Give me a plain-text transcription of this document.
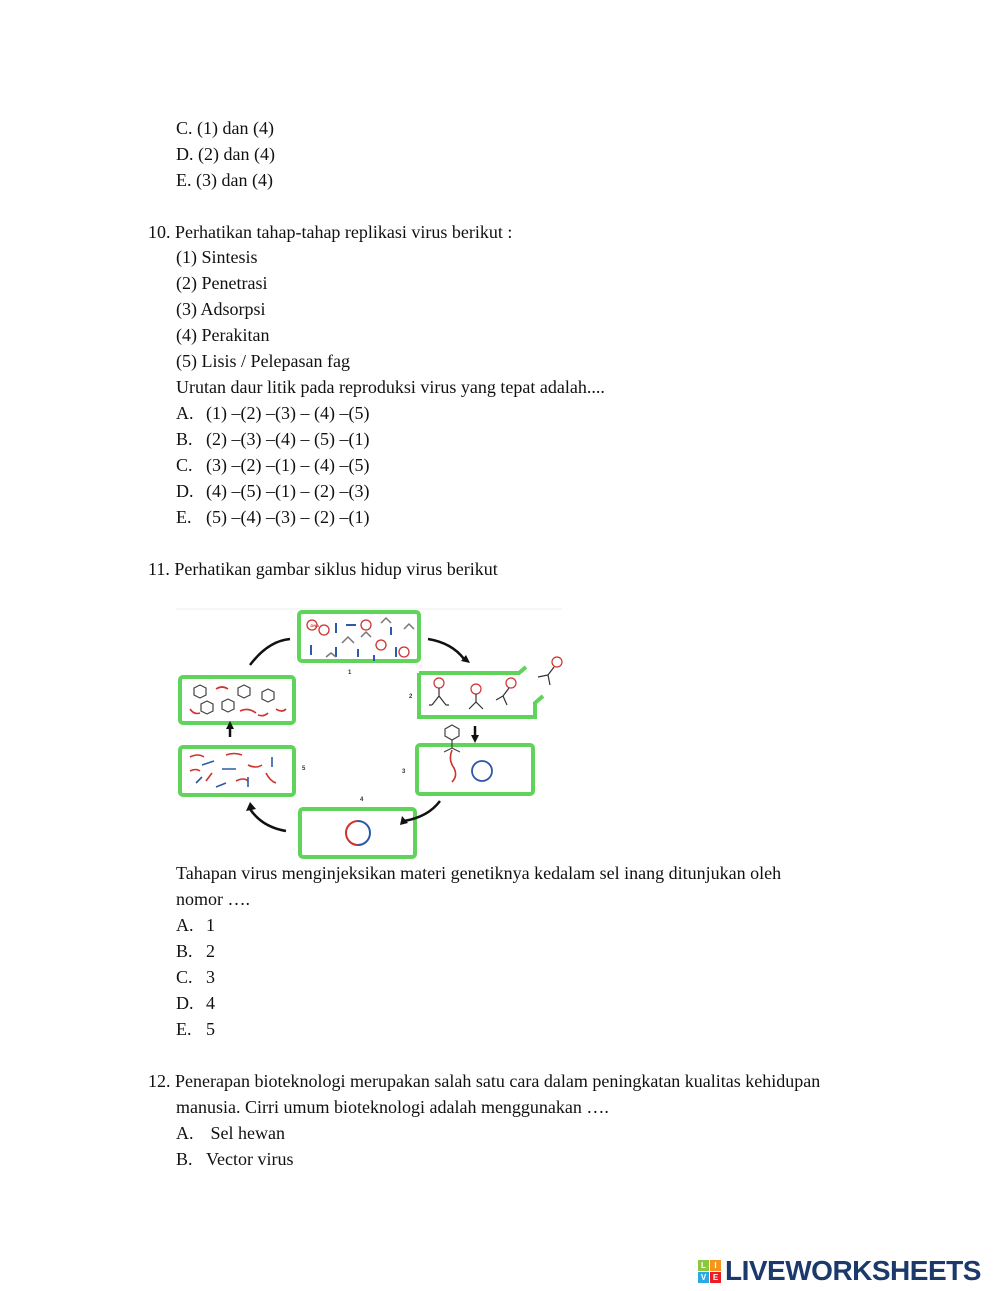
C. (1) dan (4)
D. (2) dan (4)
E. (3) dan (4)
10. Perhatikan tahap-tahap replikasi virus berikut :
(1) Sintesis
(2) Penetrasi
(3) Adsorpsi
(4) Perakitan
(5) Lisis / Pelepasan fag
Urutan daur litik pada reproduksi virus yang tepat adalah....
A. (1) –(2) –(3) – (4) –(5)
B. (2) –(3) –(4) – (5) –(1)
C. (3) –(2) –(1) – (4) –(5)
D. (4) –(5) –(1) – (2) –(3)
E. (5) –(4) –(3) – (2) –(1)
11. Perhatikan gambar siklus hidup virus berikut
1
2
3
4
5
DNA
Tahapan virus menginjeksikan materi genetiknya kedalam sel inang ditunjukan oleh
nomor ….
A. 1
B. 2
C. 3
D. 4
E. 5
12. Penerapan bioteknologi merupakan salah satu cara dalam peningkatan kualitas kehidupan
manusia. Cirri umum bioteknologi adalah menggunakan ….
A. Sel hewan
B. Vector virus
L	I
V E LIVEWORKSHEETS
